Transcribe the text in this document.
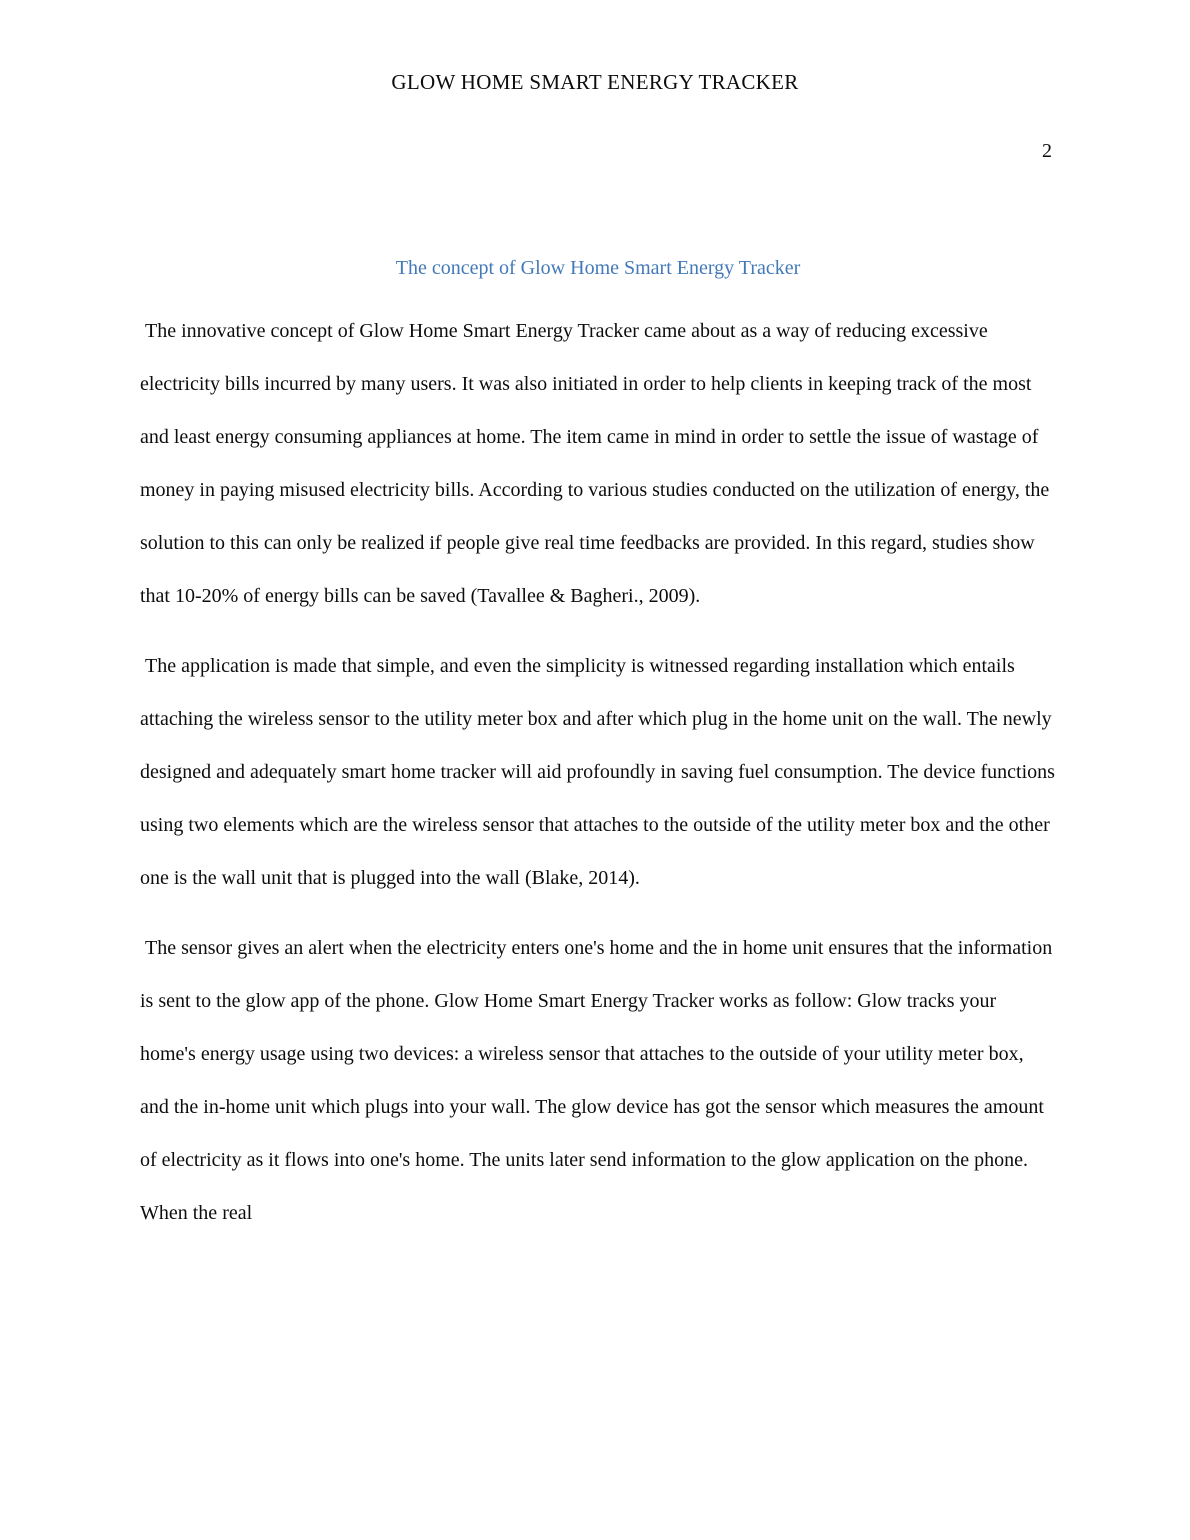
GLOW HOME SMART ENERGY TRACKER
2
The concept of Glow Home Smart Energy Tracker

The innovative concept of Glow Home Smart Energy Tracker came about as a way of reducing excessive electricity bills incurred by many users. It was also initiated in order to help clients in keeping track of the most and least energy consuming appliances at home. The item came in mind in order to settle the issue of wastage of money in paying misused electricity bills. According to various studies conducted on the utilization of energy, the solution to this can only be realized if people give real time feedbacks are provided. In this regard, studies show that 10-20% of energy bills can be saved (Tavallee & Bagheri., 2009).

The application is made that simple, and even the simplicity is witnessed regarding installation which entails attaching the wireless sensor to the utility meter box and after which plug in the home unit on the wall. The newly designed and adequately smart home tracker will aid profoundly in saving fuel consumption. The device functions using two elements which are the wireless sensor that attaches to the outside of the utility meter box and the other one is the wall unit that is plugged into the wall (Blake, 2014).

The sensor gives an alert when the electricity enters one's home and the in home unit ensures that the information is sent to the glow app of the phone. Glow Home Smart Energy Tracker works as follow: Glow tracks your home's energy usage using two devices: a wireless sensor that attaches to the outside of your utility meter box, and the in-home unit which plugs into your wall. The glow device has got the sensor which measures the amount of electricity as it flows into one's home. The units later send information to the glow application on the phone. When the real
